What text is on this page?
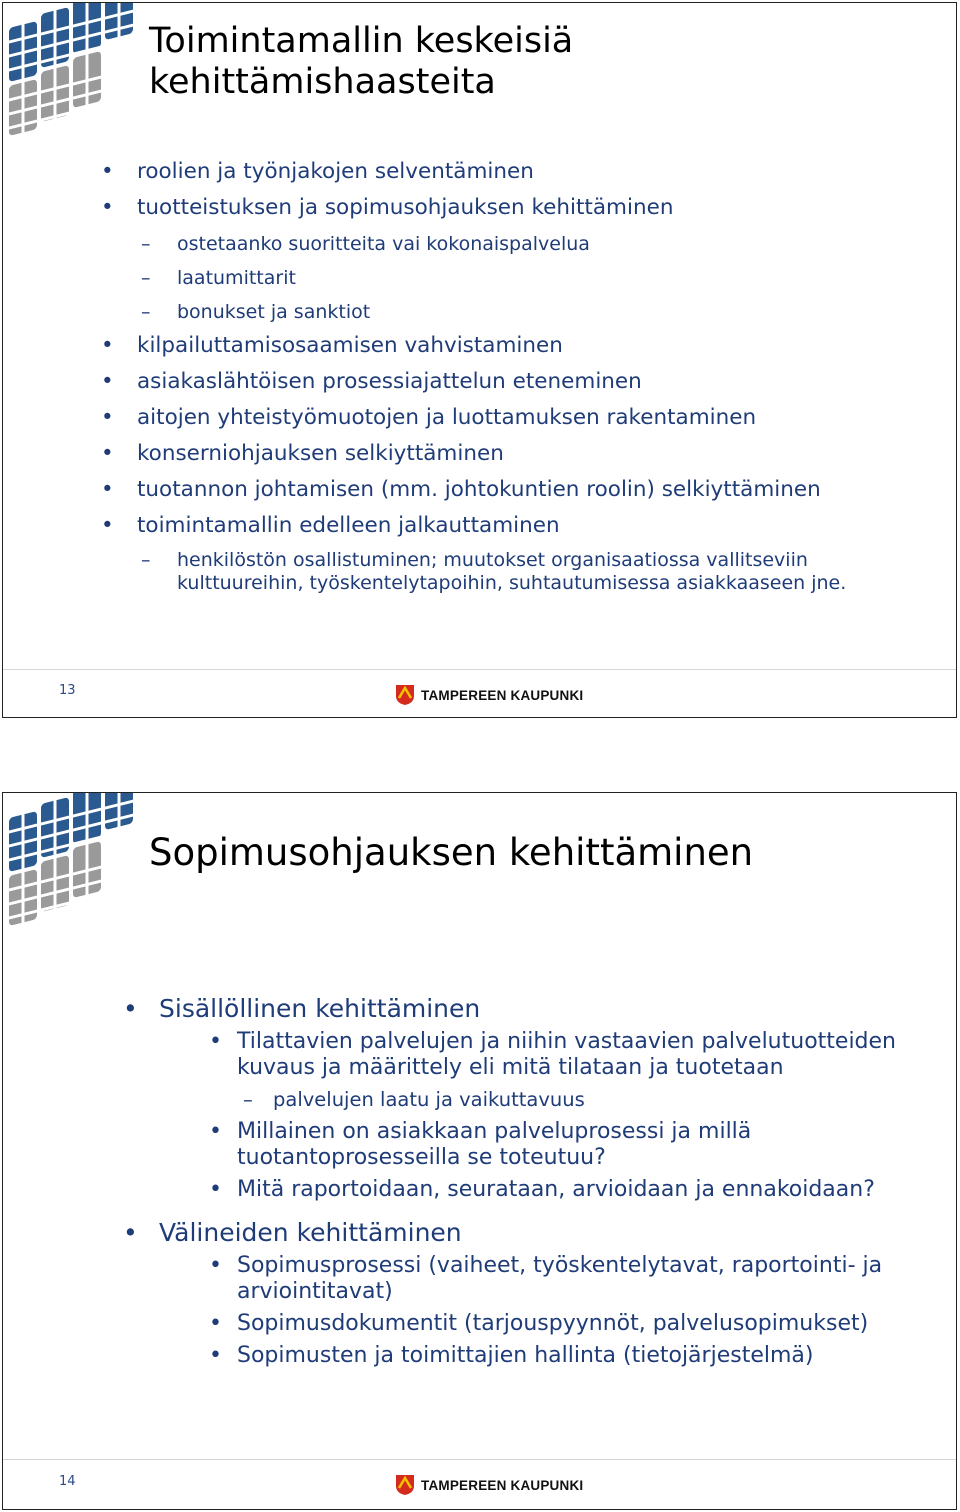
Toimintamallin keskeisiä
kehittämishaasteita
• roolien ja työnjakojen selventäminen
• tuotteistuksen ja sopimusohjauksen kehittäminen
– ostetaanko suoritteita vai kokonaispalvelua
– laatumittarit
– bonukset ja sanktiot
• kilpailuttamisosaamisen vahvistaminen
• asiakaslähtöisen prosessiajattelun eteneminen
• aitojen yhteistyömuotojen ja luottamuksen rakentaminen
• konserniohjauksen selkiyttäminen
• tuotannon johtamisen (mm. johtokuntien roolin) selkiyttäminen
• toimintamallin edelleen jalkauttaminen
– henkilöstön osallistuminen; muutokset organisaatiossa vallitseviin kulttuureihin, työskentelytapoihin, suhtautumisessa asiakkaaseen jne.
13	TAMPEREEN KAUPUNKI
Sopimusohjauksen kehittäminen
• Sisällöllinen kehittäminen
• Tilattavien palvelujen ja niihin vastaavien palvelutuotteiden kuvaus ja määrittely eli mitä tilataan ja tuotetaan
– palvelujen laatu ja vaikuttavuus
• Millainen on asiakkaan palveluprosessi ja millä tuotantoprosesseilla se toteutuu?
• Mitä raportoidaan, seurataan, arvioidaan ja ennakoidaan?
• Välineiden kehittäminen
• Sopimusprosessi (vaiheet, työskentelytavat, raportointi- ja arviointitavat)
• Sopimusdokumentit (tarjouspyynnöt, palvelusopimukset)
• Sopimusten ja toimittajien hallinta (tietojärjestelmä)
14	TAMPEREEN KAUPUNKI
